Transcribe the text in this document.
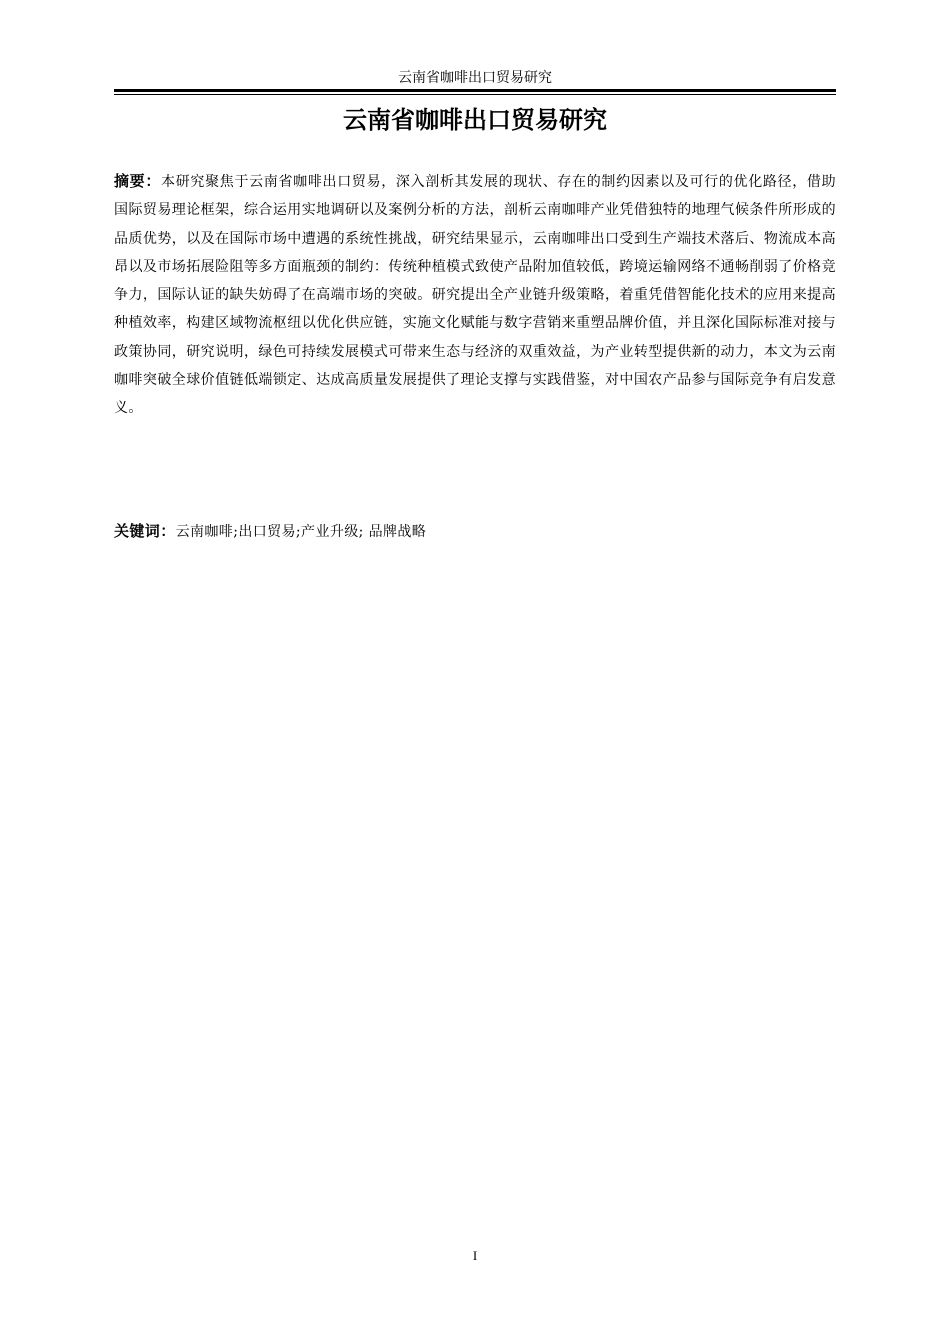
云南省咖啡出口贸易研究
云南省咖啡出口贸易研究

摘要：本研究聚焦于云南省咖啡出口贸易，深入剖析其发展的现状、存在的制约因素以及可行的优化路径，借助国际贸易理论框架，综合运用实地调研以及案例分析的方法，剖析云南咖啡产业凭借独特的地理气候条件所形成的品质优势，以及在国际市场中遭遇的系统性挑战，研究结果显示，云南咖啡出口受到生产端技术落后、物流成本高昂以及市场拓展险阻等多方面瓶颈的制约：传统种植模式致使产品附加值较低，跨境运输网络不通畅削弱了价格竞争力，国际认证的缺失妨碍了在高端市场的突破。研究提出全产业链升级策略，着重凭借智能化技术的应用来提高种植效率，构建区域物流枢纽以优化供应链，实施文化赋能与数字营销来重塑品牌价值，并且深化国际标准对接与政策协同，研究说明，绿色可持续发展模式可带来生态与经济的双重效益，为产业转型提供新的动力，本文为云南咖啡突破全球价值链低端锁定、达成高质量发展提供了理论支撑与实践借鉴，对中国农产品参与国际竞争有启发意义。

关键词：云南咖啡;出口贸易;产业升级; 品牌战略

I
